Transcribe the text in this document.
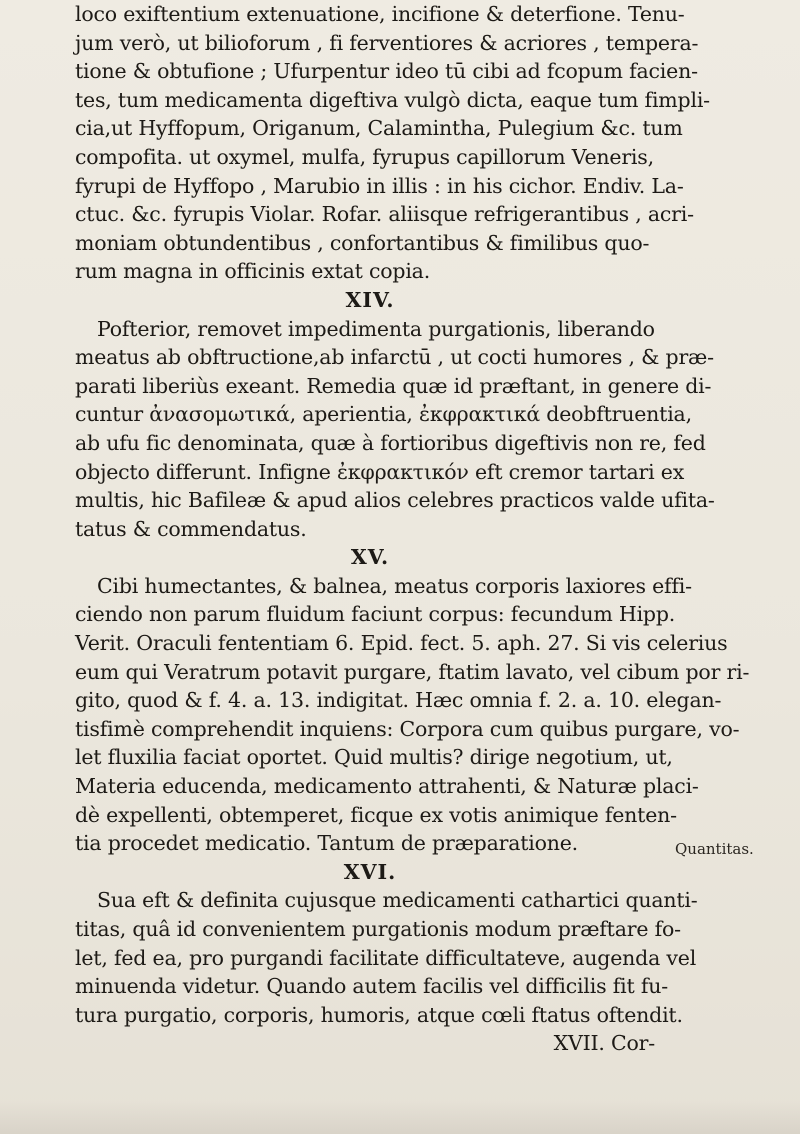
loco exiftentium extenuatione, incifione & deterfione. Tenu-
jum verò, ut bilioforum , fi ferventiores & acriores , tempera-
tione & obtufione ; Ufurpentur ideo tū cibi ad fcopum facien-
tes, tum medicamenta digeftiva vulgò dicta, eaque tum fimpli-
cia,ut Hyffopum, Origanum, Calamintha, Pulegium &c. tum
compofita. ut oxymel, mulfa, fyrupus capillorum Veneris,
fyrupi de Hyffopo , Marubio in illis : in his cichor. Endiv. La-
ctuc. &c. fyrupis Violar. Rofar. aliisque refrigerantibus , acri-
moniam obtundentibus , confortantibus & fimilibus quo-
rum magna in officinis extat copia.
XIV.
Pofterior, removet impedimenta purgationis, liberando
meatus ab obftructione,ab infarctū , ut cocti humores , & præ-
parati liberiùs exeant. Remedia quæ id præftant, in genere di-
cuntur ἀνασομωτικά, aperientia, ἐκφρακτικά deobftruentia,
ab ufu fic denominata, quæ à fortioribus digeftivis non re, fed
objecto differunt. Infigne ἐκφρακτικόν eft cremor tartari ex
multis, hic Bafileæ & apud alios celebres practicos valde ufita-
tatus & commendatus.
XV.
Cibi humectantes, & balnea, meatus corporis laxiores effi-
ciendo non parum fluidum faciunt corpus: fecundum Hipp.
Verit. Oraculi fententiam 6. Epid. fect. 5. aph. 27. Si vis celerius
eum qui Veratrum potavit purgare, ftatim lavato, vel cibum por ri-
gito, quod & f. 4. a. 13. indigitat. Hæc omnia f. 2. a. 10. elegan-
tisfimè comprehendit inquiens: Corpora cum quibus purgare, vo-
let fluxilia faciat oportet. Quid multis? dirige negotium, ut,
Materia educenda, medicamento attrahenti, & Naturæ placi-
dè expellenti, obtemperet, ficque ex votis animique fenten-
tia procedet medicatio. Tantum de præparatione.
XVI.
Sua eft & definita cujusque medicamenti cathartici quanti-
titas, quâ id convenientem purgationis modum præftare fo-
let, fed ea, pro purgandi facilitate difficultateve, augenda vel
minuenda videtur. Quando autem facilis vel difficilis fit fu-
tura purgatio, corporis, humoris, atque cœli ftatus oftendit.
XVII. Cor-
Quantitas.
